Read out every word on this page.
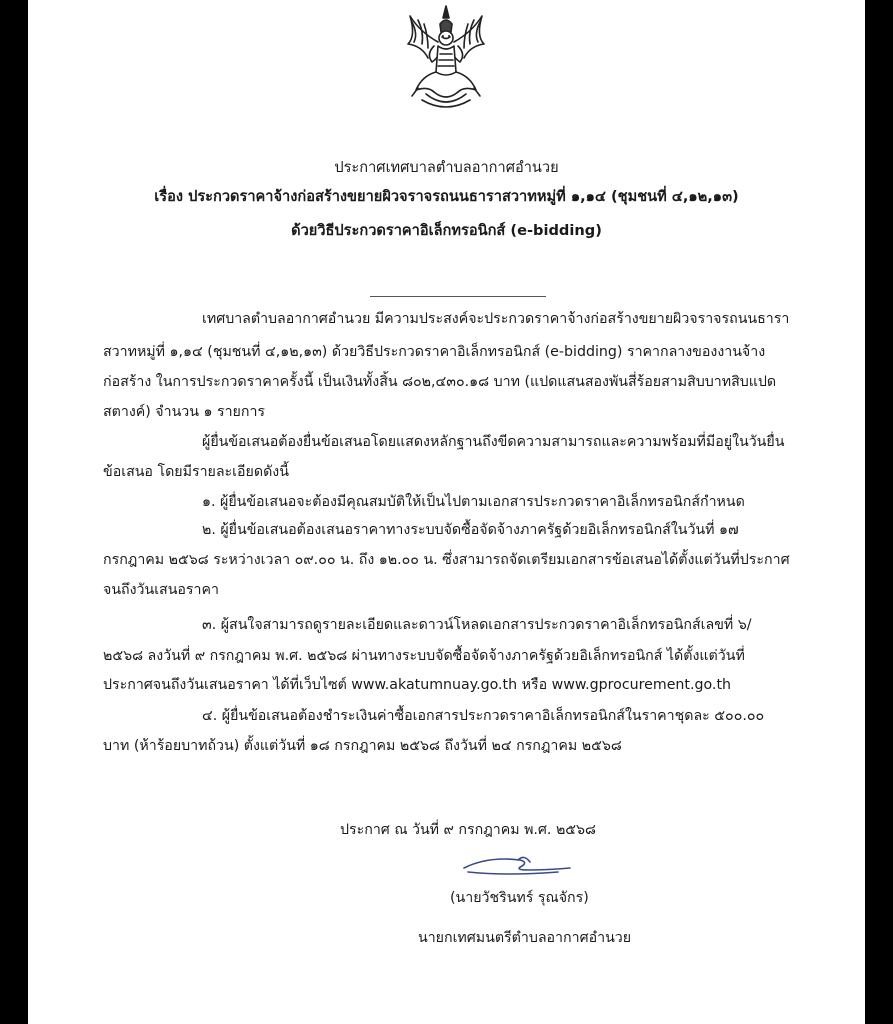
ประกาศเทศบาลตำบลอากาศอำนวย
เรื่อง ประกวดราคาจ้างก่อสร้างขยายผิวจราจรถนนธาราสวาทหมู่ที่ ๑,๑๔ (ชุมชนที่ ๔,๑๒,๑๓)
ด้วยวิธีประกวดราคาอิเล็กทรอนิกส์ (e-bidding)
เทศบาลตำบลอากาศอำนวย มีความประสงค์จะประกวดราคาจ้างก่อสร้างขยายผิวจราจรถนนธารา
สวาทหมู่ที่ ๑,๑๔ (ชุมชนที่ ๔,๑๒,๑๓) ด้วยวิธีประกวดราคาอิเล็กทรอนิกส์ (e-bidding) ราคากลางของงานจ้าง
ก่อสร้าง ในการประกวดราคาครั้งนี้ เป็นเงินทั้งสิ้น ๘๐๒,๔๓๐.๑๘ บาท (แปดแสนสองพันสี่ร้อยสามสิบบาทสิบแปด
สตางค์) จำนวน ๑ รายการ
ผู้ยื่นข้อเสนอต้องยื่นข้อเสนอโดยแสดงหลักฐานถึงขีดความสามารถและความพร้อมที่มีอยู่ในวันยื่น
ข้อเสนอ โดยมีรายละเอียดดังนี้
๑. ผู้ยื่นข้อเสนอจะต้องมีคุณสมบัติให้เป็นไปตามเอกสารประกวดราคาอิเล็กทรอนิกส์กำหนด
๒. ผู้ยื่นข้อเสนอต้องเสนอราคาทางระบบจัดซื้อจัดจ้างภาครัฐด้วยอิเล็กทรอนิกส์ในวันที่ ๑๗
กรกฎาคม ๒๕๖๘ ระหว่างเวลา ๐๙.๐๐ น. ถึง ๑๒.๐๐ น. ซึ่งสามารถจัดเตรียมเอกสารข้อเสนอได้ตั้งแต่วันที่ประกาศ
จนถึงวันเสนอราคา
๓. ผู้สนใจสามารถดูรายละเอียดและดาวน์โหลดเอกสารประกวดราคาอิเล็กทรอนิกส์เลขที่ ๖/
๒๕๖๘ ลงวันที่ ๙ กรกฎาคม พ.ศ. ๒๕๖๘ ผ่านทางระบบจัดซื้อจัดจ้างภาครัฐด้วยอิเล็กทรอนิกส์ ได้ตั้งแต่วันที่
ประกาศจนถึงวันเสนอราคา ได้ที่เว็บไซต์ www.akatumnuay.go.th หรือ www.gprocurement.go.th
๔. ผู้ยื่นข้อเสนอต้องชำระเงินค่าซื้อเอกสารประกวดราคาอิเล็กทรอนิกส์ในราคาชุดละ ๕๐๐.๐๐
บาท (ห้าร้อยบาทถ้วน) ตั้งแต่วันที่ ๑๘ กรกฎาคม ๒๕๖๘ ถึงวันที่ ๒๔ กรกฎาคม ๒๕๖๘
ประกาศ ณ วันที่ ๙ กรกฎาคม พ.ศ. ๒๕๖๘
(นายวัชรินทร์ รุณจักร)
นายกเทศมนตรีตำบลอากาศอำนวย
